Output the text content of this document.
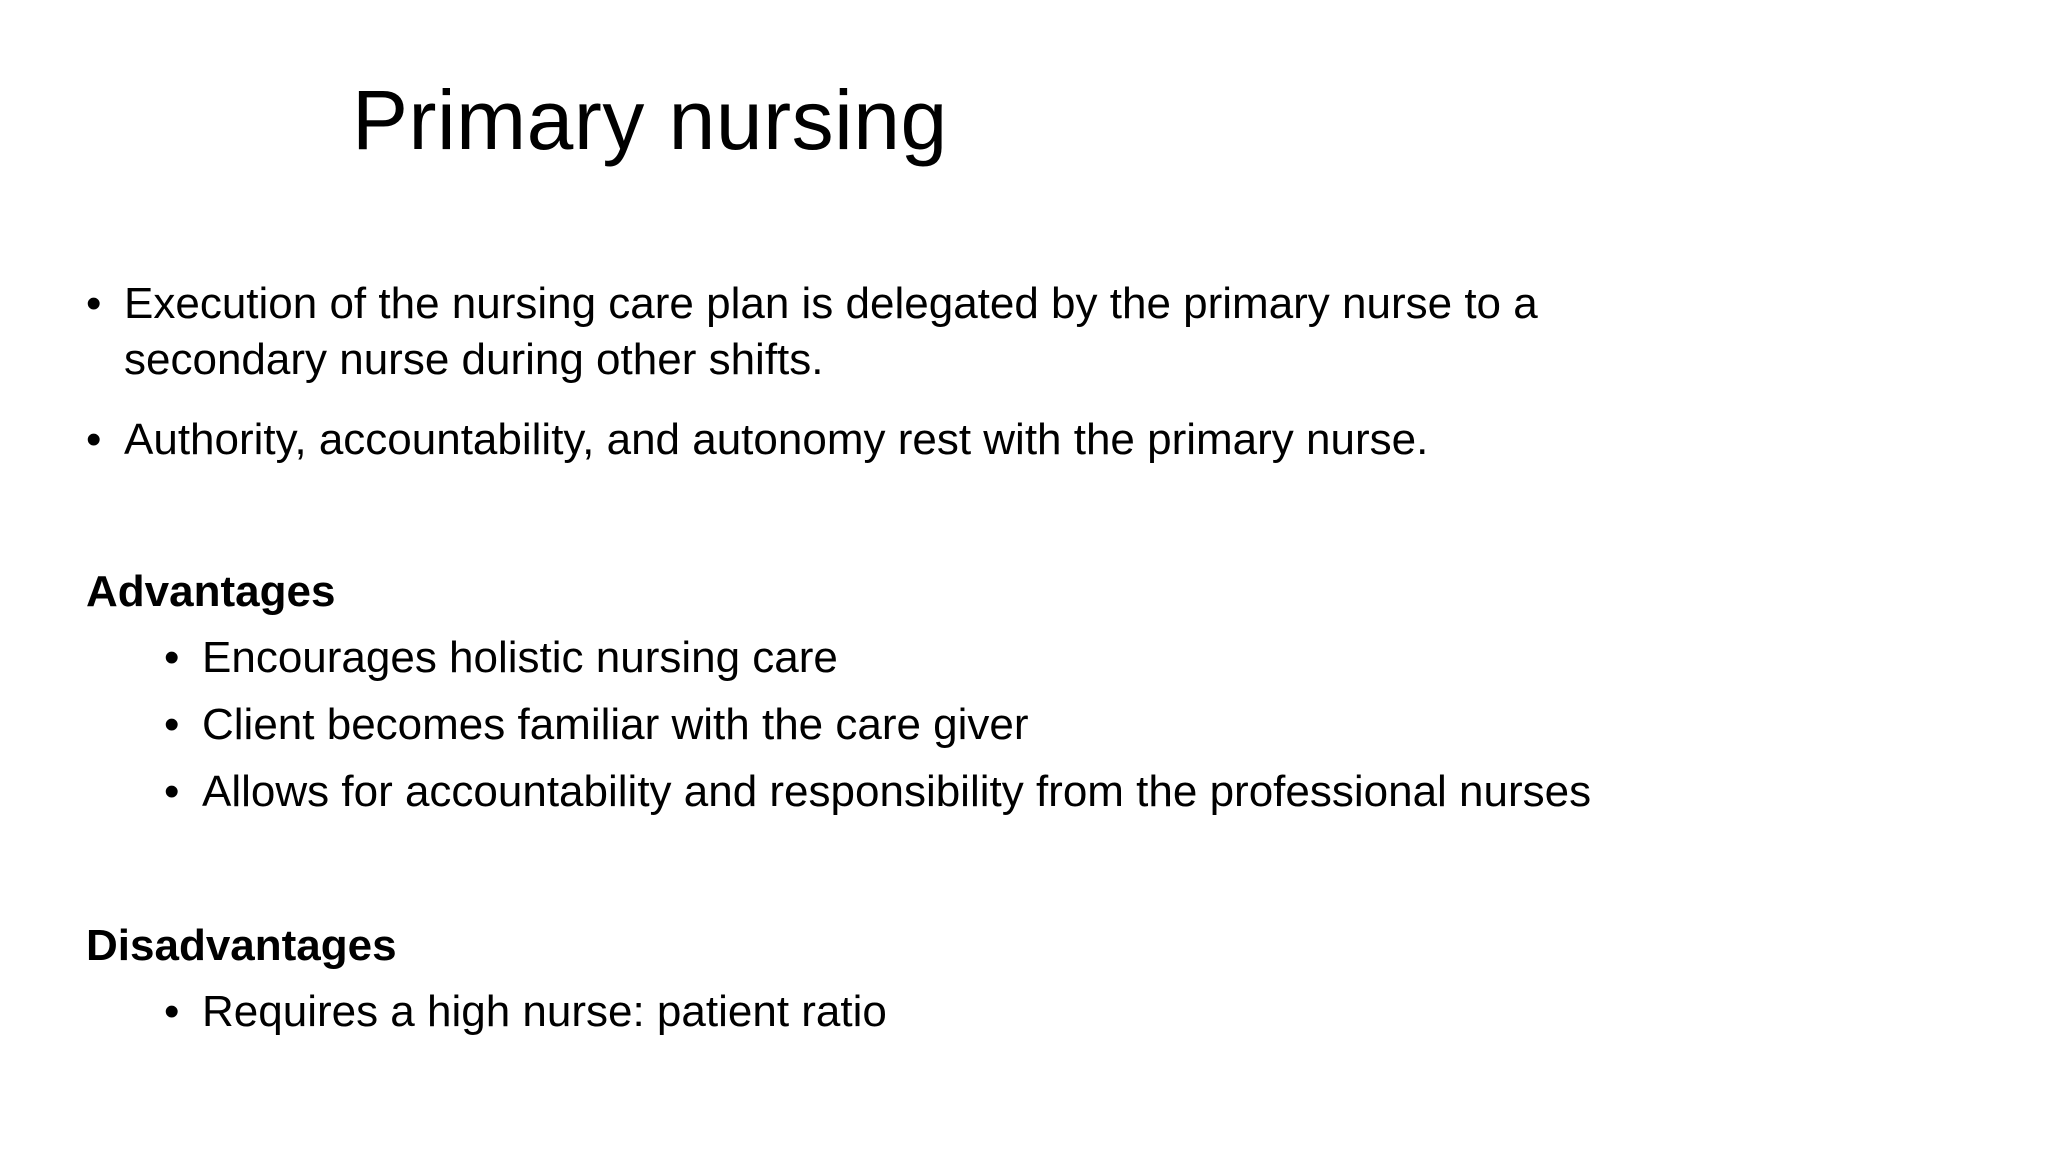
Primary nursing
• Execution of the nursing care plan is delegated by the primary nurse to a secondary nurse during other shifts.
• Authority, accountability, and autonomy rest with the primary nurse.
Advantages
• Encourages holistic nursing care
• Client becomes familiar with the care giver
• Allows for accountability and responsibility from the professional nurses
Disadvantages
• Requires a high nurse: patient ratio
